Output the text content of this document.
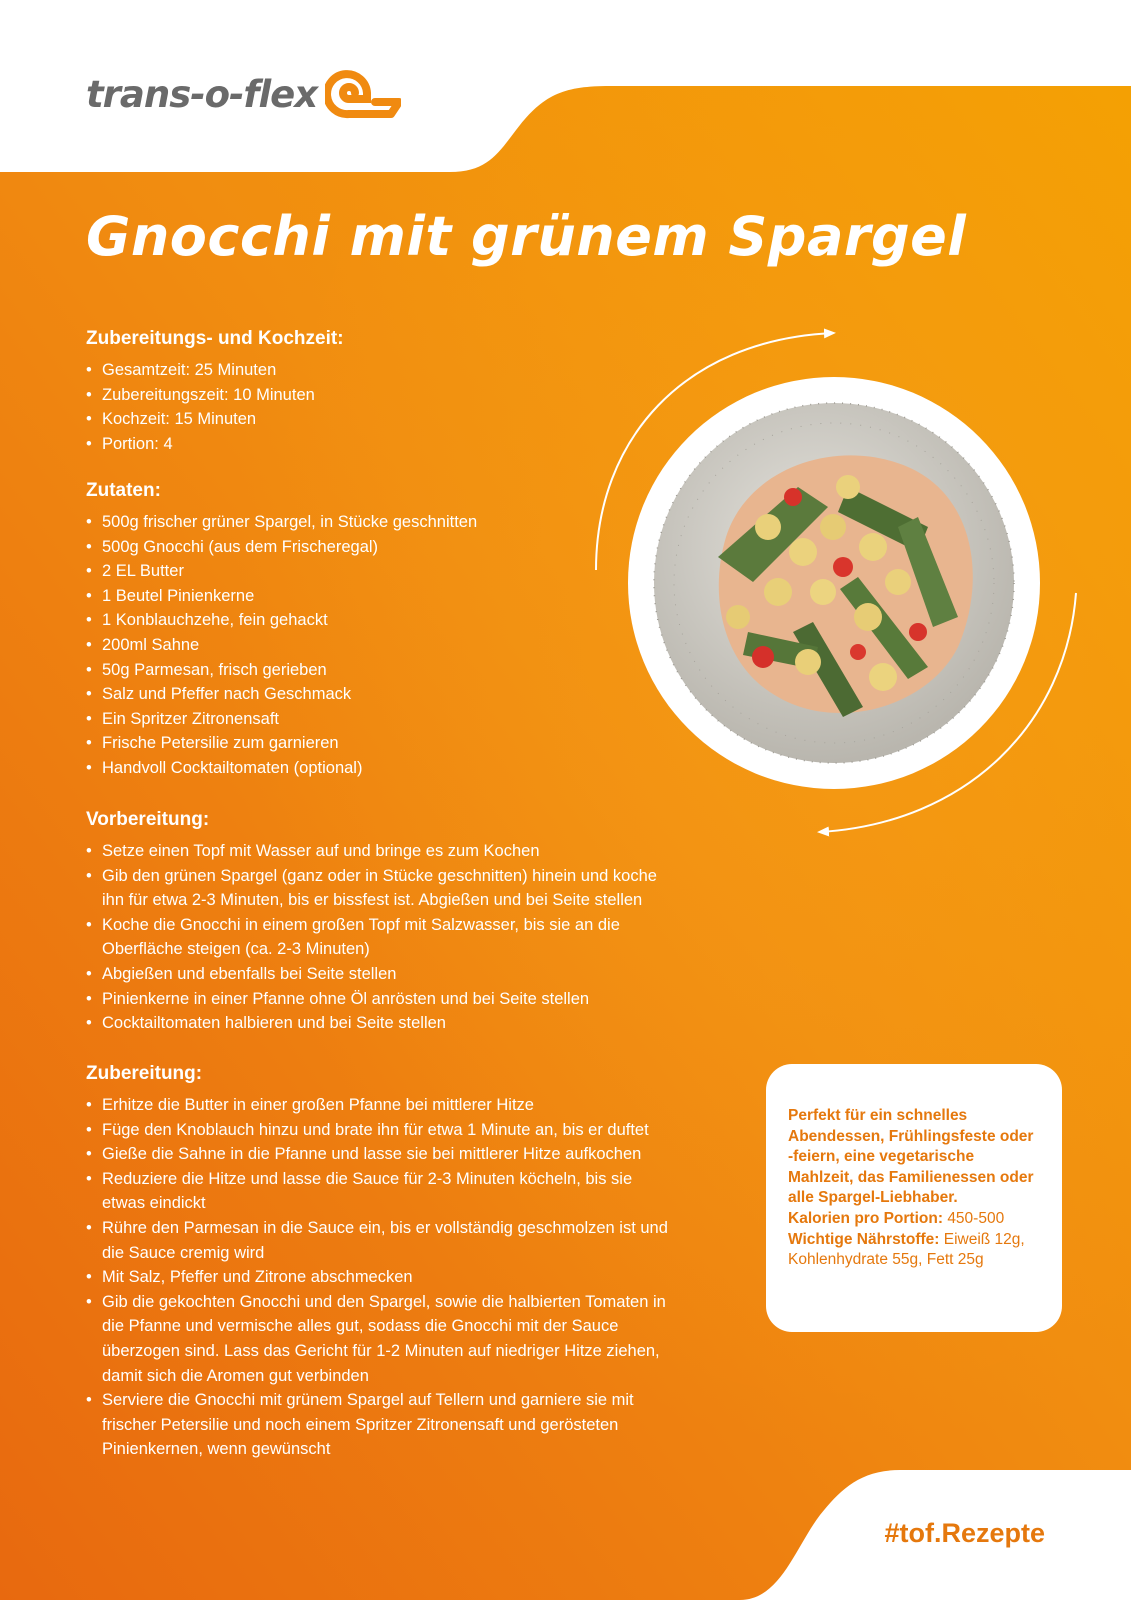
trans-o-flex
Gnocchi mit grünem Spargel
Zubereitungs- und Kochzeit:
• Gesamtzeit: 25 Minuten
• Zubereitungszeit: 10 Minuten
• Kochzeit: 15 Minuten
• Portion: 4
Zutaten:
• 500g frischer grüner Spargel, in Stücke geschnitten
• 500g Gnocchi (aus dem Frischeregal)
• 2 EL Butter
• 1 Beutel Pinienkerne
• 1 Konblauchzehe, fein gehackt
• 200ml Sahne
• 50g Parmesan, frisch gerieben
• Salz und Pfeffer nach Geschmack
• Ein Spritzer Zitronensaft
• Frische Petersilie zum garnieren
• Handvoll Cocktailtomaten (optional)
Vorbereitung:
• Setze einen Topf mit Wasser auf und bringe es zum Kochen
• Gib den grünen Spargel (ganz oder in Stücke geschnitten) hinein und koche ihn für etwa 2-3 Minuten, bis er bissfest ist. Abgießen und bei Seite stellen
• Koche die Gnocchi in einem großen Topf mit Salzwasser, bis sie an die Oberfläche steigen (ca. 2-3 Minuten)
• Abgießen und ebenfalls bei Seite stellen
• Pinienkerne in einer Pfanne ohne Öl anrösten und bei Seite stellen
• Cocktailtomaten halbieren und bei Seite stellen
Zubereitung:
• Erhitze die Butter in einer großen Pfanne bei mittlerer Hitze
• Füge den Knoblauch hinzu und brate ihn für etwa 1 Minute an, bis er duftet
• Gieße die Sahne in die Pfanne und lasse sie bei mittlerer Hitze aufkochen
• Reduziere die Hitze und lasse die Sauce für 2-3 Minuten köcheln, bis sie etwas eindickt
• Rühre den Parmesan in die Sauce ein, bis er vollständig geschmolzen ist und die Sauce cremig wird
• Mit Salz, Pfeffer und Zitrone abschmecken
• Gib die gekochten Gnocchi und den Spargel, sowie die halbierten Tomaten in die Pfanne und vermische alles gut, sodass die Gnocchi mit der Sauce überzogen sind. Lass das Gericht für 1-2 Minuten auf niedriger Hitze ziehen, damit sich die Aromen gut verbinden
• Serviere die Gnocchi mit grünem Spargel auf Tellern und garniere sie mit frischer Petersilie und noch einem Spritzer Zitronensaft und gerösteten Pinienkernen, wenn gewünscht

Perfekt für ein schnelles Abendessen, Frühlingsfeste oder -feiern, eine vegetarische Mahlzeit, das Familienessen oder alle Spargel-Liebhaber.

Kalorien pro Portion: 450-500

Wichtige Nährstoffe: Eiweiß 12g, Kohlenhydrate 55g, Fett 25g

#tof.Rezepte
